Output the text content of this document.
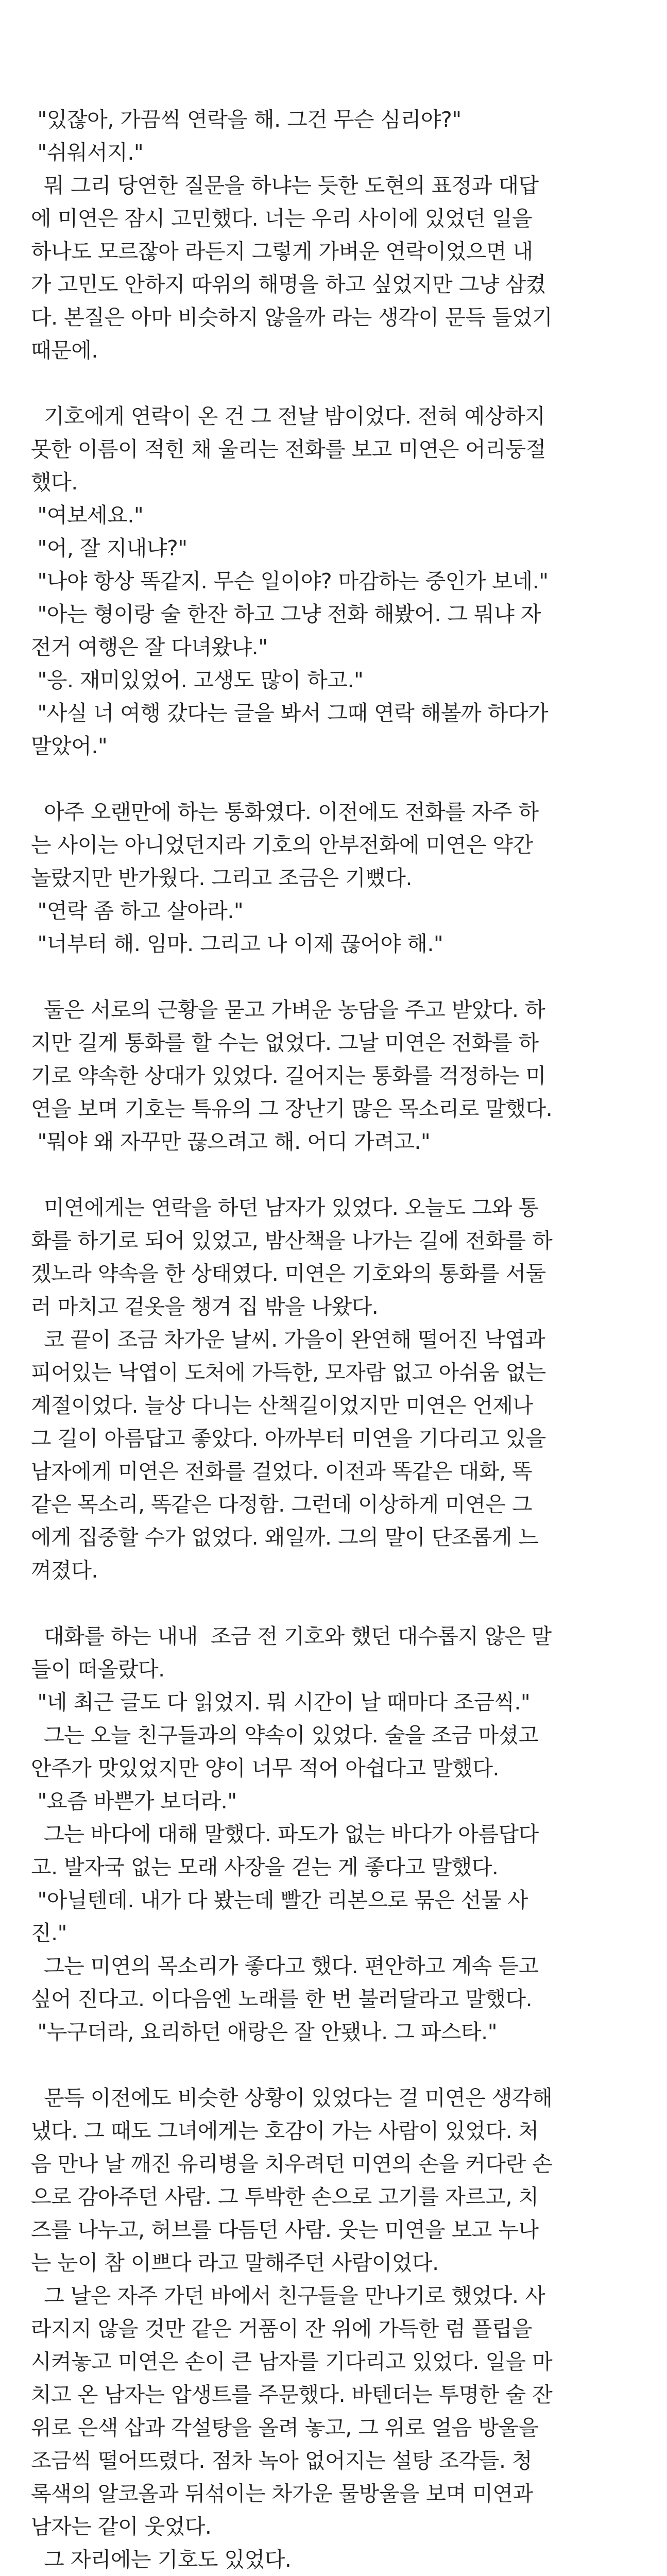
"있잖아, 가끔씩 연락을 해. 그건 무슨 심리야?"
"쉬워서지."
뭐 그리 당연한 질문을 하냐는 듯한 도현의 표정과 대답
에 미연은 잠시 고민했다. 너는 우리 사이에 있었던 일을
하나도 모르잖아 라든지 그렇게 가벼운 연락이었으면 내
가 고민도 안하지 따위의 해명을 하고 싶었지만 그냥 삼켰
다. 본질은 아마 비슷하지 않을까 라는 생각이 문득 들었기
때문에.
기호에게 연락이 온 건 그 전날 밤이었다. 전혀 예상하지
못한 이름이 적힌 채 울리는 전화를 보고 미연은 어리둥절
했다.
"여보세요."
"어, 잘 지내냐?"
"나야 항상 똑같지. 무슨 일이야? 마감하는 중인가 보네."
"아는 형이랑 술 한잔 하고 그냥 전화 해봤어. 그 뭐냐 자
전거 여행은 잘 다녀왔냐."
"응. 재미있었어. 고생도 많이 하고."
"사실 너 여행 갔다는 글을 봐서 그때 연락 해볼까 하다가
말았어."
아주 오랜만에 하는 통화였다. 이전에도 전화를 자주 하
는 사이는 아니었던지라 기호의 안부전화에 미연은 약간
놀랐지만 반가웠다. 그리고 조금은 기뻤다.
"연락 좀 하고 살아라."
"너부터 해. 임마. 그리고 나 이제 끊어야 해."
둘은 서로의 근황을 묻고 가벼운 농담을 주고 받았다. 하
지만 길게 통화를 할 수는 없었다. 그날 미연은 전화를 하
기로 약속한 상대가 있었다. 길어지는 통화를 걱정하는 미
연을 보며 기호는 특유의 그 장난기 많은 목소리로 말했다.
"뭐야 왜 자꾸만 끊으려고 해. 어디 가려고."
미연에게는 연락을 하던 남자가 있었다. 오늘도 그와 통
화를 하기로 되어 있었고, 밤산책을 나가는 길에 전화를 하
겠노라 약속을 한 상태였다. 미연은 기호와의 통화를 서둘
러 마치고 겉옷을 챙겨 집 밖을 나왔다.
코 끝이 조금 차가운 날씨. 가을이 완연해 떨어진 낙엽과
피어있는 낙엽이 도처에 가득한, 모자람 없고 아쉬움 없는
계절이었다. 늘상 다니는 산책길이었지만 미연은 언제나
그 길이 아름답고 좋았다. 아까부터 미연을 기다리고 있을
남자에게 미연은 전화를 걸었다. 이전과 똑같은 대화, 똑
같은 목소리, 똑같은 다정함. 그런데 이상하게 미연은 그
에게 집중할 수가 없었다. 왜일까. 그의 말이 단조롭게 느
껴졌다.
대화를 하는 내내  조금 전 기호와 했던 대수롭지 않은 말
들이 떠올랐다.
"네 최근 글도 다 읽었지. 뭐 시간이 날 때마다 조금씩."
그는 오늘 친구들과의 약속이 있었다. 술을 조금 마셨고
안주가 맛있었지만 양이 너무 적어 아쉽다고 말했다.
"요즘 바쁜가 보더라."
그는 바다에 대해 말했다. 파도가 없는 바다가 아름답다
고. 발자국 없는 모래 사장을 걷는 게 좋다고 말했다.
"아닐텐데. 내가 다 봤는데 빨간 리본으로 묶은 선물 사
진."
그는 미연의 목소리가 좋다고 했다. 편안하고 계속 듣고
싶어 진다고. 이다음엔 노래를 한 번 불러달라고 말했다.
"누구더라, 요리하던 애랑은 잘 안됐나. 그 파스타."
문득 이전에도 비슷한 상황이 있었다는 걸 미연은 생각해
냈다. 그 때도 그녀에게는 호감이 가는 사람이 있었다. 처
음 만나 날 깨진 유리병을 치우려던 미연의 손을 커다란 손
으로 감아주던 사람. 그 투박한 손으로 고기를 자르고, 치
즈를 나누고, 허브를 다듬던 사람. 웃는 미연을 보고 누나
는 눈이 참 이쁘다 라고 말해주던 사람이었다.
그 날은 자주 가던 바에서 친구들을 만나기로 했었다. 사
라지지 않을 것만 같은 거품이 잔 위에 가득한 럼 플립을
시켜놓고 미연은 손이 큰 남자를 기다리고 있었다. 일을 마
치고 온 남자는 압생트를 주문했다. 바텐더는 투명한 술 잔
위로 은색 삽과 각설탕을 올려 놓고, 그 위로 얼음 방울을
조금씩 떨어뜨렸다. 점차 녹아 없어지는 설탕 조각들. 청
록색의 알코올과 뒤섞이는 차가운 물방울을 보며 미연과
남자는 같이 웃었다.
그 자리에는 기호도 있었다.
